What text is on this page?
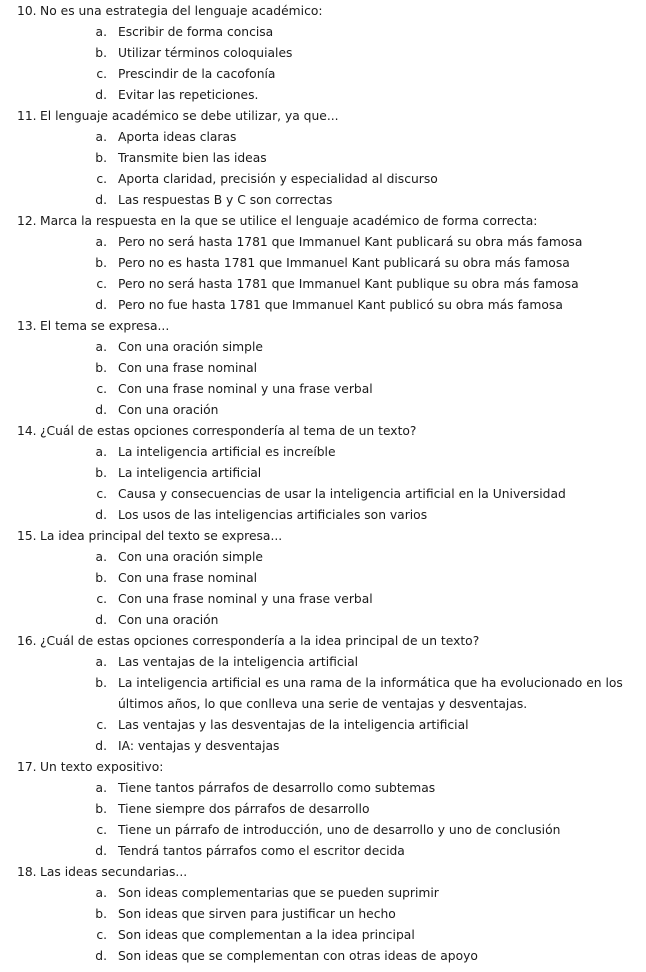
10. No es una estrategia del lenguaje académico:
a. Escribir de forma concisa
b. Utilizar términos coloquiales
c. Prescindir de la cacofonía
d. Evitar las repeticiones.
11. El lenguaje académico se debe utilizar, ya que...
a. Aporta ideas claras
b. Transmite bien las ideas
c. Aporta claridad, precisión y especialidad al discurso
d. Las respuestas B y C son correctas
12. Marca la respuesta en la que se utilice el lenguaje académico de forma correcta:
a. Pero no será hasta 1781 que Immanuel Kant publicará su obra más famosa
b. Pero no es hasta 1781 que Immanuel Kant publicará su obra más famosa
c. Pero no será hasta 1781 que Immanuel Kant publique su obra más famosa
d. Pero no fue hasta 1781 que Immanuel Kant publicó su obra más famosa
13. El tema se expresa...
a. Con una oración simple
b. Con una frase nominal
c. Con una frase nominal y una frase verbal
d. Con una oración
14. ¿Cuál de estas opciones correspondería al tema de un texto?
a. La inteligencia artificial es increíble
b. La inteligencia artificial
c. Causa y consecuencias de usar la inteligencia artificial en la Universidad
d. Los usos de las inteligencias artificiales son varios
15. La idea principal del texto se expresa...
a. Con una oración simple
b. Con una frase nominal
c. Con una frase nominal y una frase verbal
d. Con una oración
16. ¿Cuál de estas opciones correspondería a la idea principal de un texto?
a. Las ventajas de la inteligencia artificial
b. La inteligencia artificial es una rama de la informática que ha evolucionado en los últimos años, lo que conlleva una serie de ventajas y desventajas.
c. Las ventajas y las desventajas de la inteligencia artificial
d. IA: ventajas y desventajas
17. Un texto expositivo:
a. Tiene tantos párrafos de desarrollo como subtemas
b. Tiene siempre dos párrafos de desarrollo
c. Tiene un párrafo de introducción, uno de desarrollo y uno de conclusión
d. Tendrá tantos párrafos como el escritor decida
18. Las ideas secundarias...
a. Son ideas complementarias que se pueden suprimir
b. Son ideas que sirven para justificar un hecho
c. Son ideas que complementan a la idea principal
d. Son ideas que se complementan con otras ideas de apoyo
